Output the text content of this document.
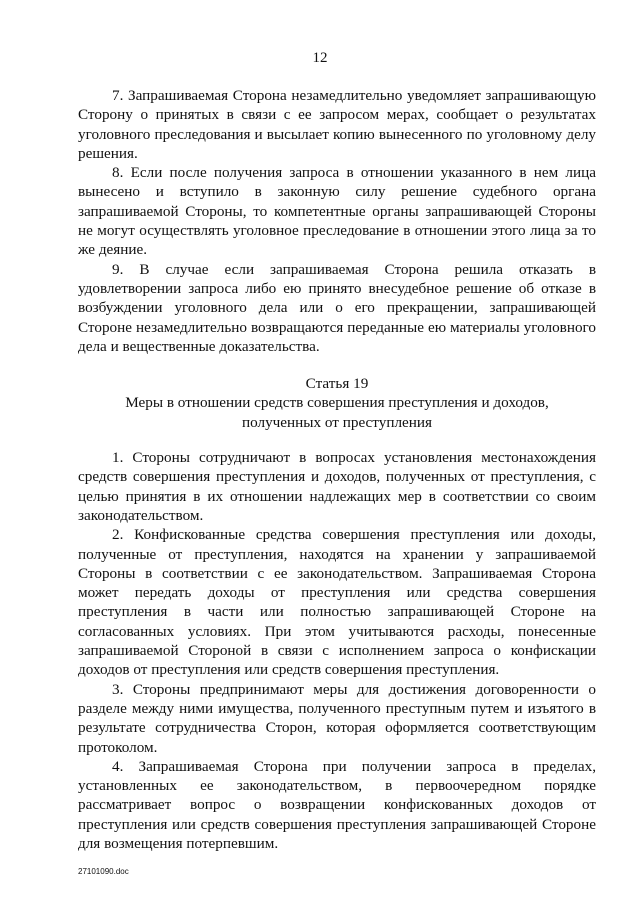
12

7. Запрашиваемая Сторона незамедлительно уведомляет запрашивающую Сторону о принятых в связи с ее запросом мерах, сообщает о результатах уголовного преследования и высылает копию вынесенного по уголовному делу решения.

8. Если после получения запроса в отношении указанного в нем лица вынесено и вступило в законную силу решение судебного органа запрашиваемой Стороны, то компетентные органы запрашивающей Стороны не могут осуществлять уголовное преследование в отношении этого лица за то же деяние.

9. В случае если запрашиваемая Сторона решила отказать в удовлетворении запроса либо ею принято внесудебное решение об отказе в возбуждении уголовного дела или о его прекращении, запрашивающей Стороне незамедлительно возвращаются переданные ею материалы уголовного дела и вещественные доказательства.

Статья 19
Меры в отношении средств совершения преступления и доходов,
полученных от преступления

1. Стороны сотрудничают в вопросах установления местонахождения средств совершения преступления и доходов, полученных от преступления, с целью принятия в их отношении надлежащих мер в соответствии со своим законодательством.

2. Конфискованные средства совершения преступления или доходы, полученные от преступления, находятся на хранении у запрашиваемой Стороны в соответствии с ее законодательством. Запрашиваемая Сторона может передать доходы от преступления или средства совершения преступления в части или полностью запрашивающей Стороне на согласованных условиях. При этом учитываются расходы, понесенные запрашиваемой Стороной в связи с исполнением запроса о конфискации доходов от преступления или средств совершения преступления.

3. Стороны предпринимают меры для достижения договоренности о разделе между ними имущества, полученного преступным путем и изъятого в результате сотрудничества Сторон, которая оформляется соответствующим протоколом.

4. Запрашиваемая Сторона при получении запроса в пределах, установленных ее законодательством, в первоочередном порядке рассматривает вопрос о возвращении конфискованных доходов от преступления или средств совершения преступления запрашивающей Стороне для возмещения потерпевшим.

27101090.doc
